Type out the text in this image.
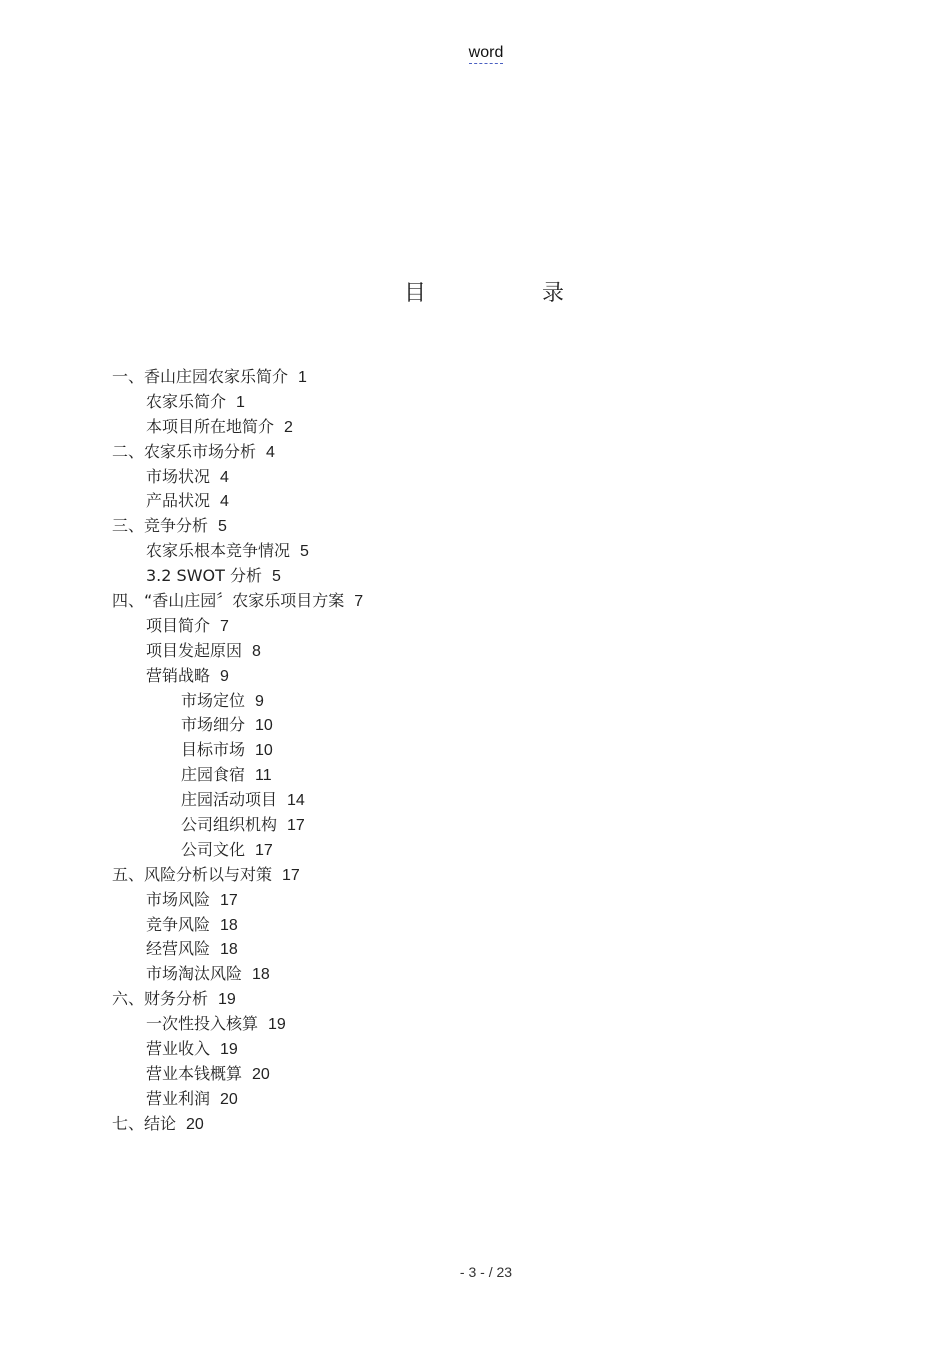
word
目	录
一、香山庄园农家乐简介 1
农家乐简介 1
本项目所在地简介 2
二、农家乐市场分析 4
市场状况 4
产品状况 4
三、竞争分析 5
农家乐根本竞争情况 5
3.2 SWOT 分析 5
四、“香山庄园〞农家乐项目方案 7
项目简介 7
项目发起原因 8
营销战略 9
市场定位 9
市场细分 10
目标市场 10
庄园食宿 11
庄园活动项目 14
公司组织机构 17
公司文化 17
五、风险分析以与对策 17
市场风险 17
竞争风险 18
经营风险 18
市场淘汰风险 18
六、财务分析 19
一次性投入核算 19
营业收入 19
营业本钱概算 20
营业利润 20
七、结论 20
- 3 - / 23
